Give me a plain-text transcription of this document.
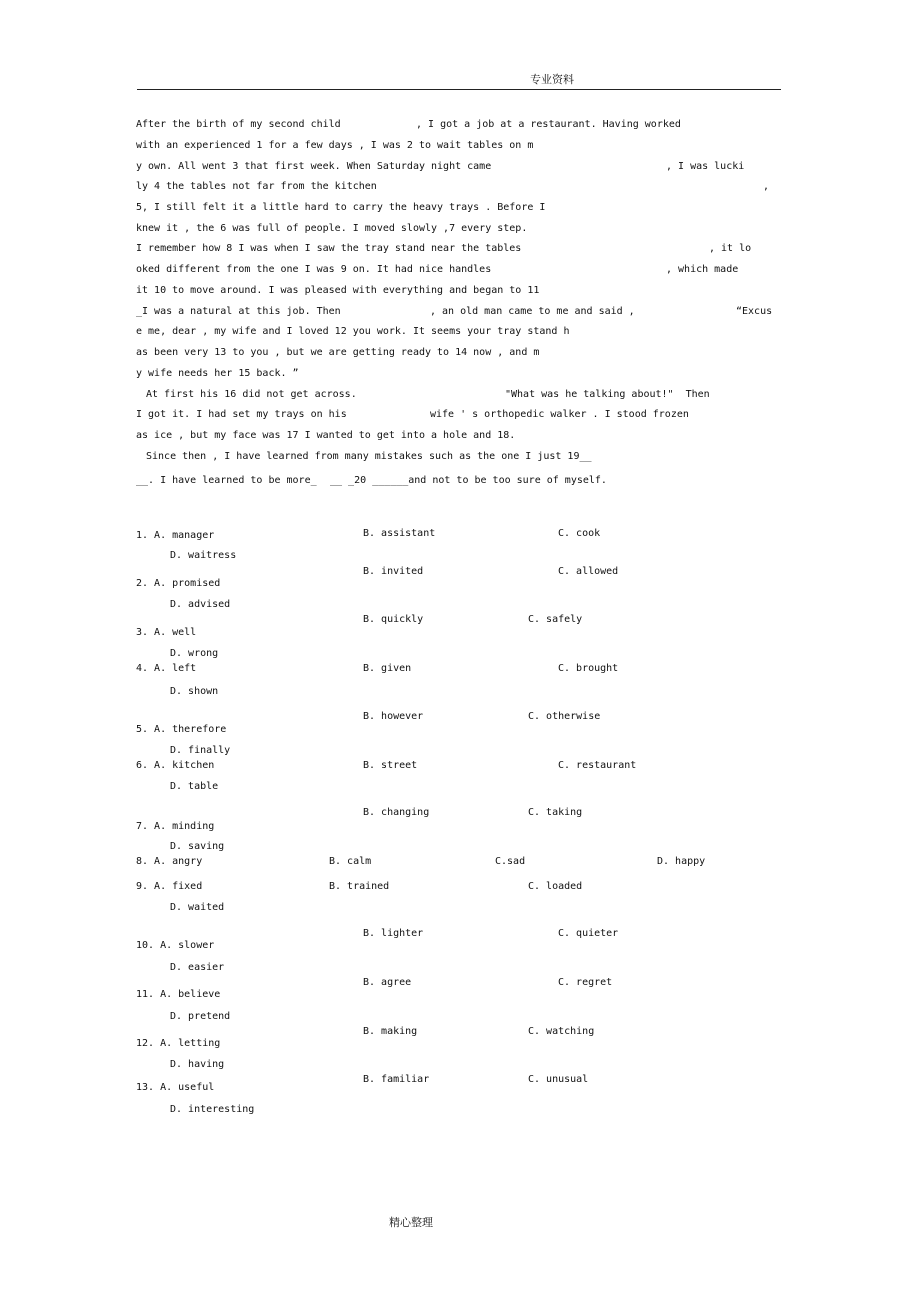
专业资料
After the birth of my second child	, I got a job at a restaurant. Having worked
with an experienced 1 for a few days , I was 2 to wait tables on m
y own. All went 3 that first week. When Saturday night came	, I was lucki
ly 4 the tables not far from the kitchen	,
5, I still felt it a little hard to carry the heavy trays . Before I
knew it , the 6 was full of people. I moved slowly ,7 every step.
I remember how 8 I was when I saw the tray stand near the tables	, it lo
oked different from the one I was 9 on. It had nice handles	, which made
it 10 to move around. I was pleased with everything and began to 11
_I was a natural at this job. Then	, an old man came to me and said ,	“Excus
e me, dear , my wife and I loved 12 you work. It seems your tray stand h
as been very 13 to you , but we are getting ready to 14 now , and m
y wife needs her 15 back. ”
At first his 16 did not get across.	"What was he talking about!"  Then
I got it. I had set my trays on his	wife ' s orthopedic walker . I stood frozen
as ice , but my face was 17 I wanted to get into a hole and 18.
Since then , I have learned from many mistakes such as the one I just 19__
__. I have learned to be more_ __ _20 ______and not to be too sure of myself.
1. A. manager	B. assistant	C. cook
D. waitress
B. invited	C. allowed
2. A. promised
D. advised
B. quickly	C. safely
3. A. well
D. wrong
4. A. left	B. given	C. brought
D. shown
B. however	C. otherwise
5. A. therefore
D. finally
6. A. kitchen	B. street	C. restaurant
D. table
B. changing	C. taking
7. A. minding
D. saving
8. A. angry	B. calm	C.sad	D. happy
9. A. fixed	B. trained	C. loaded
D. waited
B. lighter	C. quieter
10. A. slower
D. easier
B. agree	C. regret
11. A. believe
D. pretend
B. making	C. watching
12. A. letting
D. having
B. familiar	C. unusual
13. A. useful
D. interesting
精心整理
